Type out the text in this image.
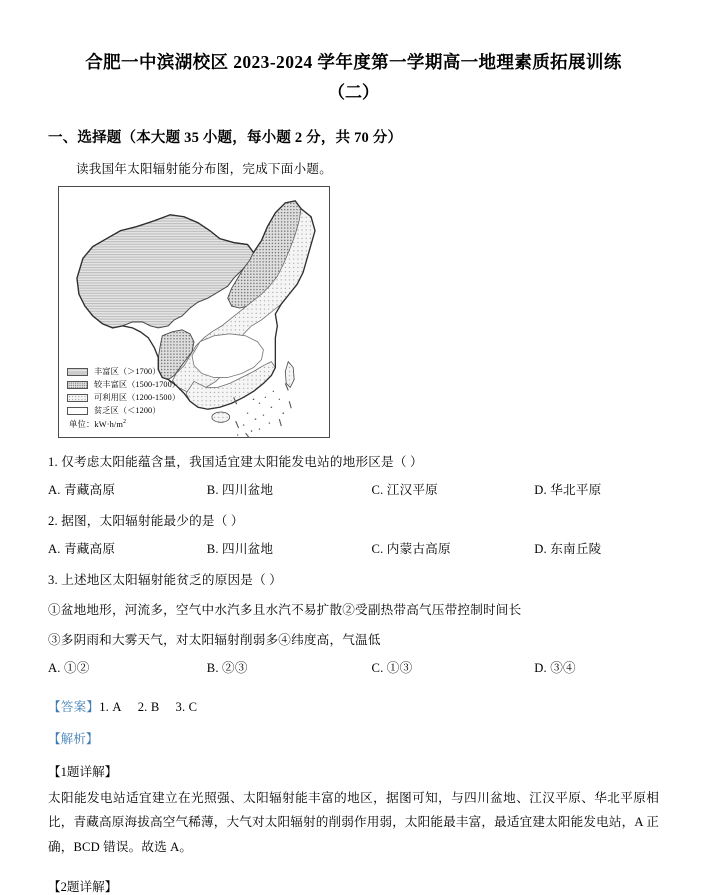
合肥一中滨湖校区 2023-2024 学年度第一学期高一地理素质拓展训练
（二）
一、选择题（本大题 35 小题，每小题 2 分，共 70 分）
读我国年太阳辐射能分布图，完成下面小题。
丰富区（＞1700）
较丰富区（1500-1700）
可利用区（1200-1500）
贫乏区（＜1200）
单位：$kW\cdot h/m^2$
1. 仅考虑太阳能蕴含量，我国适宜建太阳能发电站的地形区是（ ）
A. 青藏高原	B. 四川盆地	C. 江汉平原	D. 华北平原
2. 据图，太阳辐射能最少的是（ ）
A. 青藏高原	B. 四川盆地	C. 内蒙古高原	D. 东南丘陵
3. 上述地区太阳辐射能贫乏的原因是（ ）
①盆地地形，河流多，空气中水汽多且水汽不易扩散②受副热带高气压带控制时间长
③多阴雨和大雾天气，对太阳辐射削弱多④纬度高，气温低
A. ①②	B. ②③	C. ①③	D. ③④
【答案】1. A 2. B 3. C
【解析】
【1题详解】
太阳能发电站适宜建立在光照强、太阳辐射能丰富的地区，据图可知，与四川盆地、江汉平原、华北平原相比，青藏高原海拔高空气稀薄，大气对太阳辐射的削弱作用弱，太阳能最丰富，最适宜建太阳能发电站，A 正确，BCD 错误。故选 A。
【2题详解】
